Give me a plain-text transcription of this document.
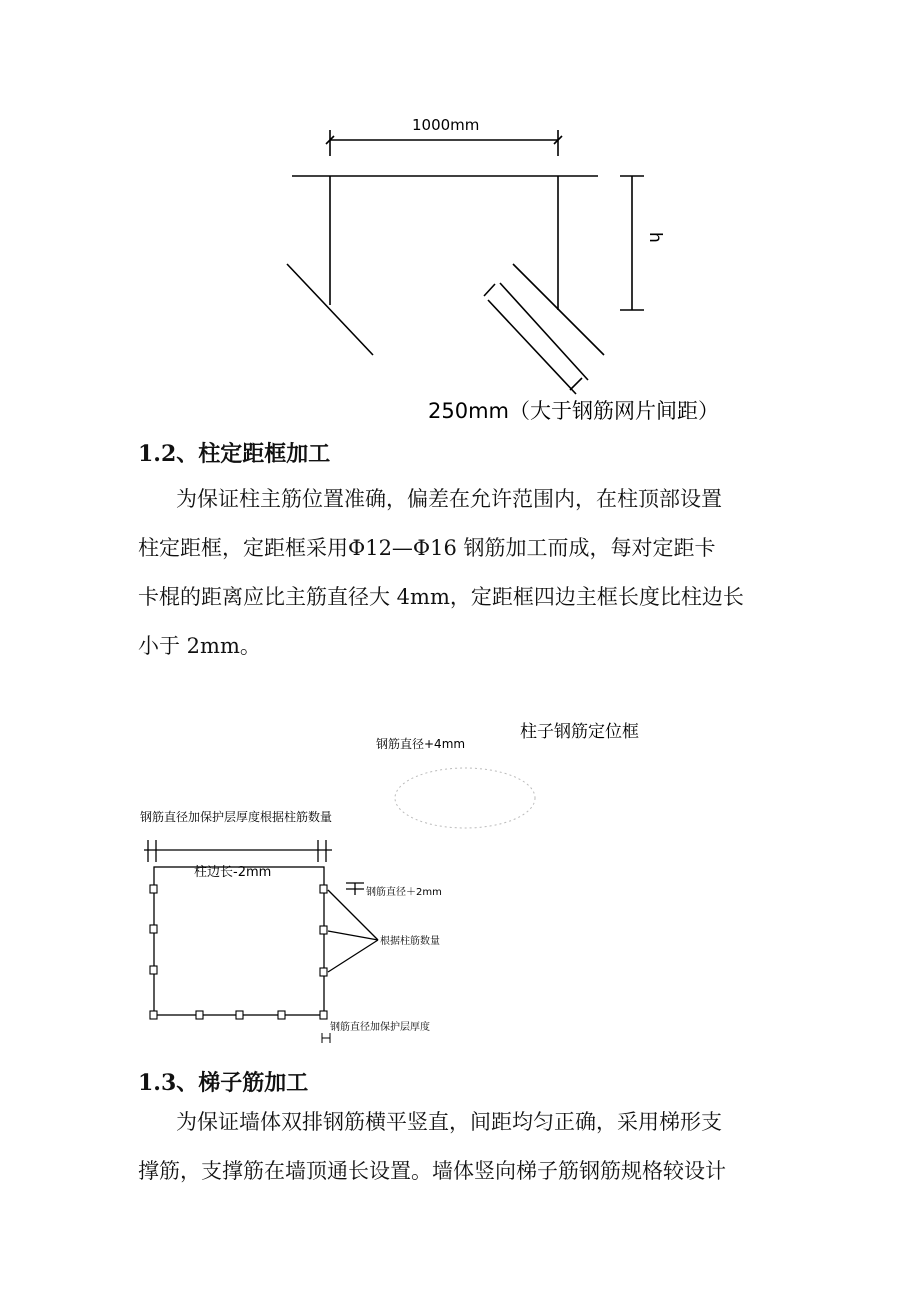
1000mm
h
250mm（大于钢筋网片间距）
1.2、柱定距框加工
为保证柱主筋位置准确，偏差在允许范围内，在柱顶部设置
柱定距框，定距框采用Φ12—Φ16 钢筋加工而成，每对定距卡
卡棍的距离应比主筋直径大 4mm，定距框四边主框长度比柱边长
小于 2mm。
柱子钢筋定位框
钢筋直径+4mm
钢筋直径加保护层厚度根据柱筋数量
柱边长-2mm
钢筋直径＋2mm
根据柱筋数量
钢筋直径加保护层厚度
1.3、梯子筋加工
为保证墙体双排钢筋横平竖直，间距均匀正确，采用梯形支
撑筋，支撑筋在墙顶通长设置。墙体竖向梯子筋钢筋规格较设计
